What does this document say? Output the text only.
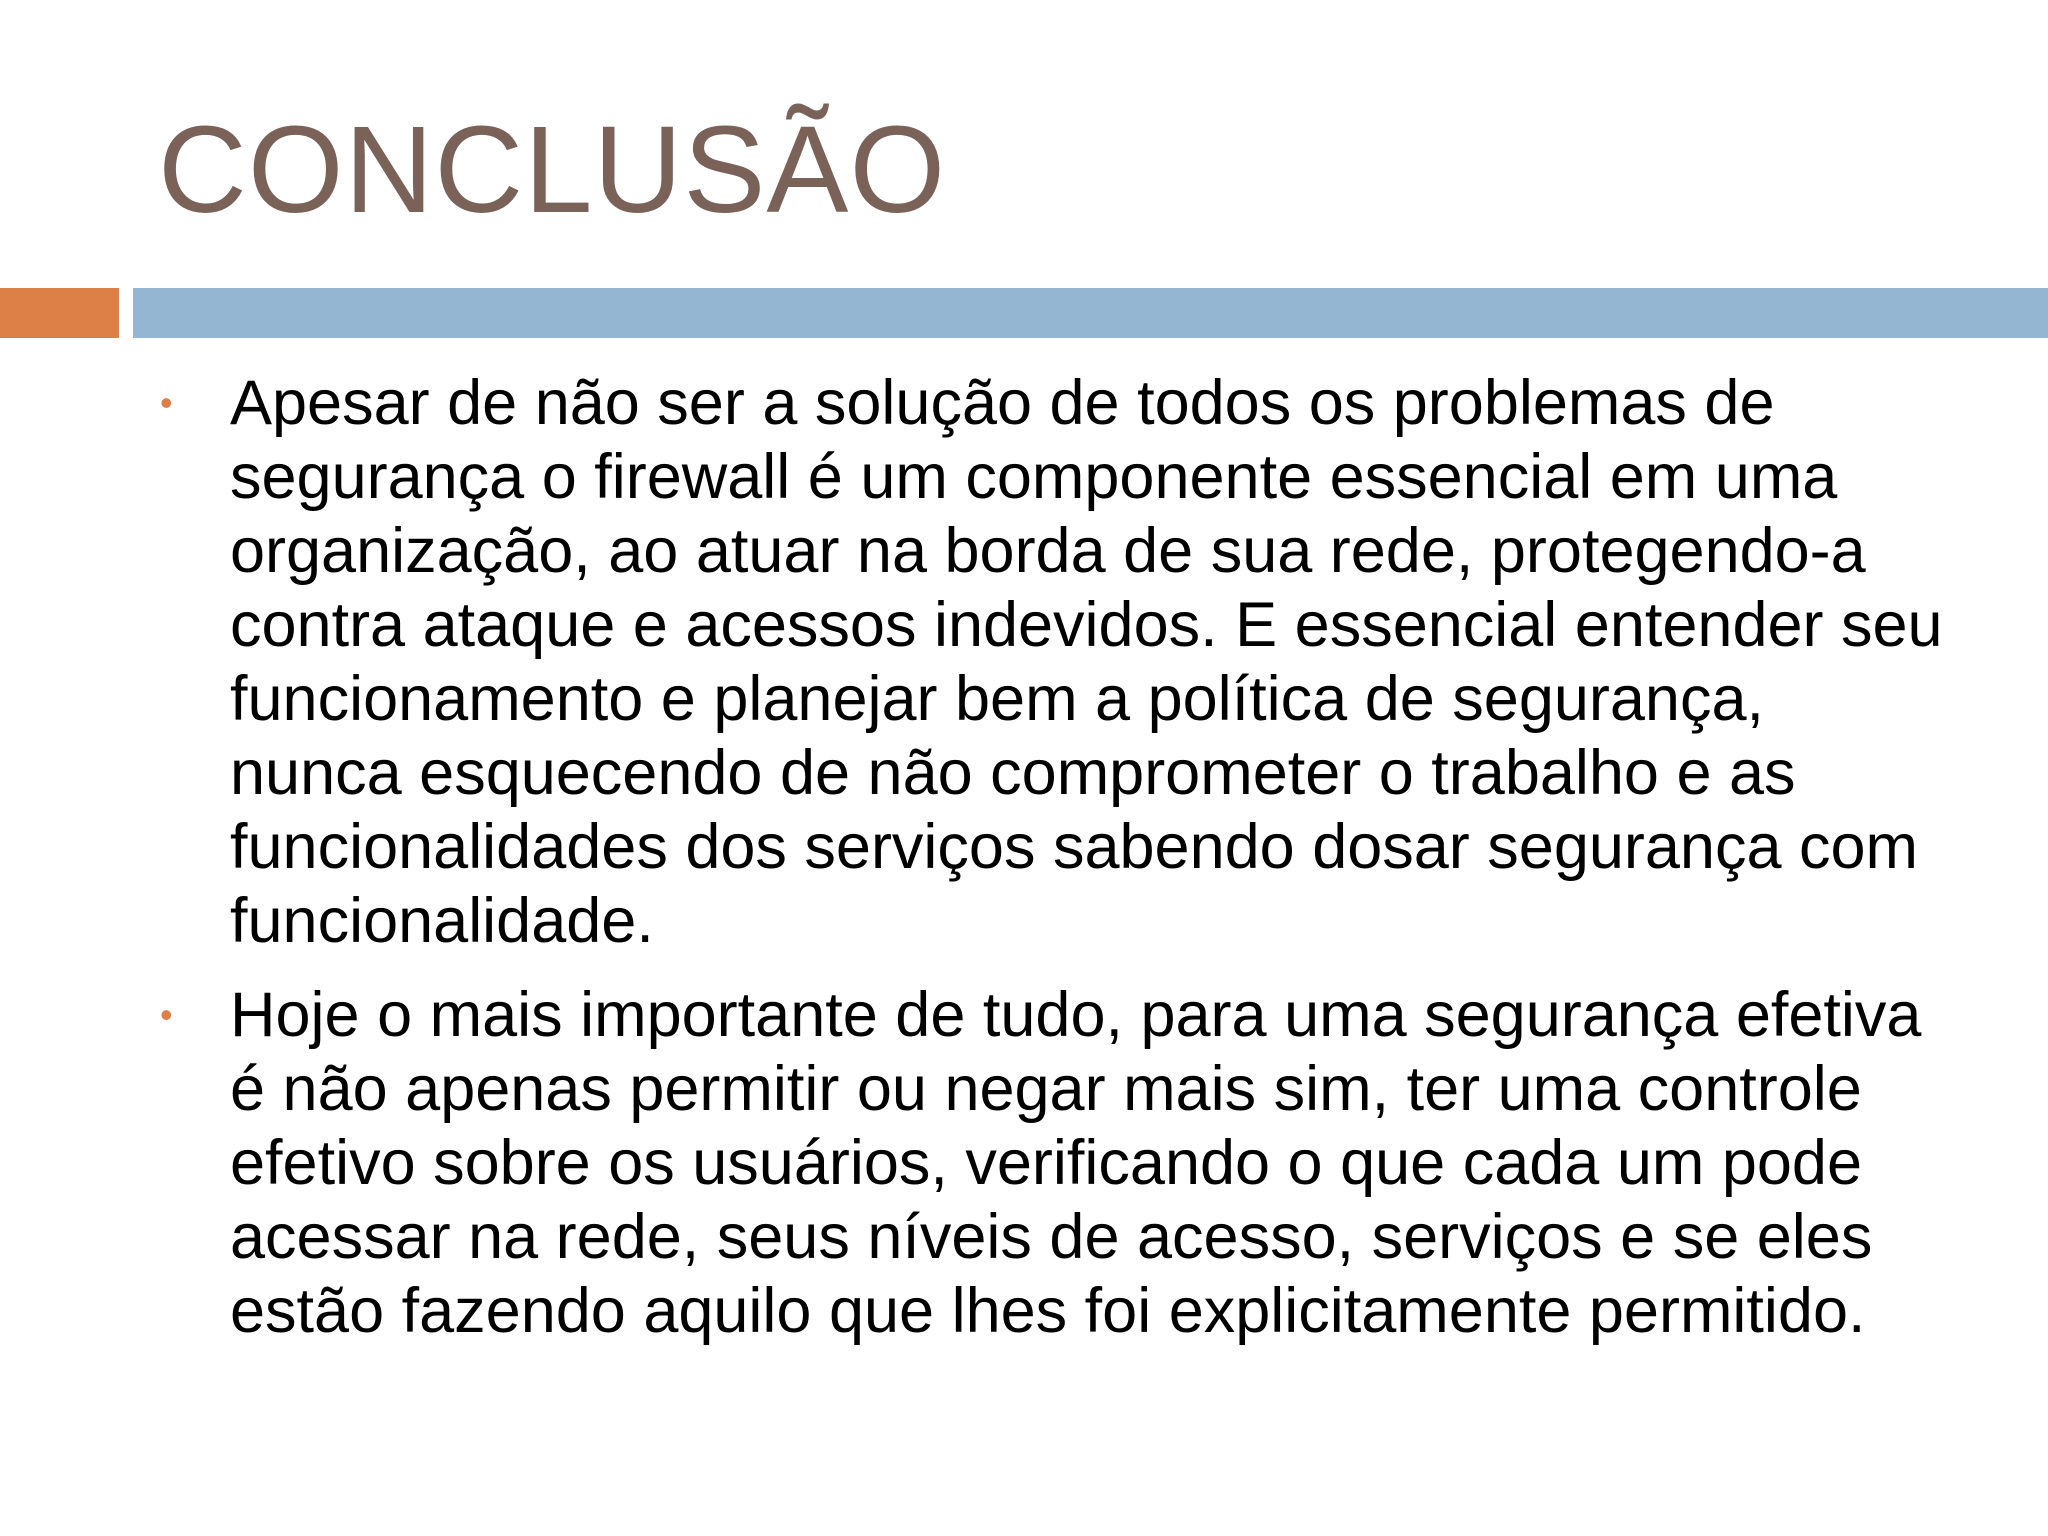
CONCLUSÃO
• Apesar de não ser a solução de todos os problemas de segurança o firewall é um componente essencial em uma organização, ao atuar na borda de sua rede, protegendo-a contra ataque e acessos indevidos. E essencial entender seu funcionamento e planejar bem a política de segurança, nunca esquecendo de não comprometer o trabalho e as funcionalidades dos serviços sabendo dosar segurança com funcionalidade.
• Hoje o mais importante de tudo, para uma segurança efetiva é não apenas permitir ou negar mais sim, ter uma controle efetivo sobre os usuários, verificando o que cada um pode acessar na rede, seus níveis de acesso, serviços e se eles estão fazendo aquilo que lhes foi explicitamente permitido.
